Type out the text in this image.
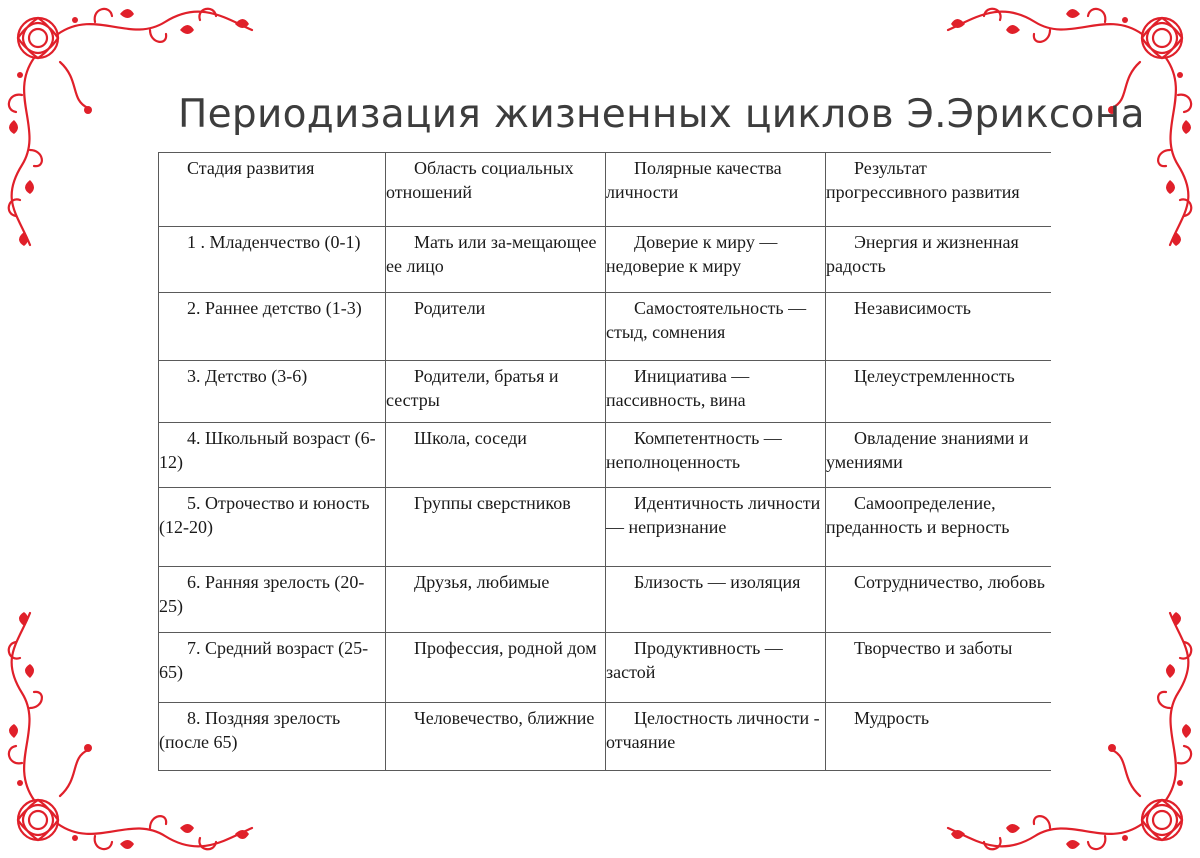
Периодизация жизненных циклов Э.Эриксона
Стадия развития	Область социальных отношений	Полярные качества личности	Результат прогрессивного развития
1 . Младенчество (0-1)	Мать или за-мещающее ее лицо	Доверие к миру — недоверие к миру	Энергия и жизненная радость
2. Раннее детство (1-3)	Родители	Самостоятельность — стыд, сомнения	Независимость
3. Детство (3-6)	Родители, братья и сестры	Инициатива — пассивность, вина	Целеустремленность
4. Школьный возраст (6-12)	Школа, соседи	Компетентность — неполноценность	Овладение знаниями и умениями
5. Отрочество и юность (12-20)	Группы сверстников	Идентичность личности — непризнание	Самоопределение, преданность и верность
6. Ранняя зрелость (20-25)	Друзья, любимые	Близость — изоляция	Сотрудничество, любовь
7. Средний возраст (25-65)	Профессия, родной дом	Продуктивность — застой	Творчество и заботы
8. Поздняя зрелость (после 65)	Человечество, ближние	Целостность личности - отчаяние	Мудрость
